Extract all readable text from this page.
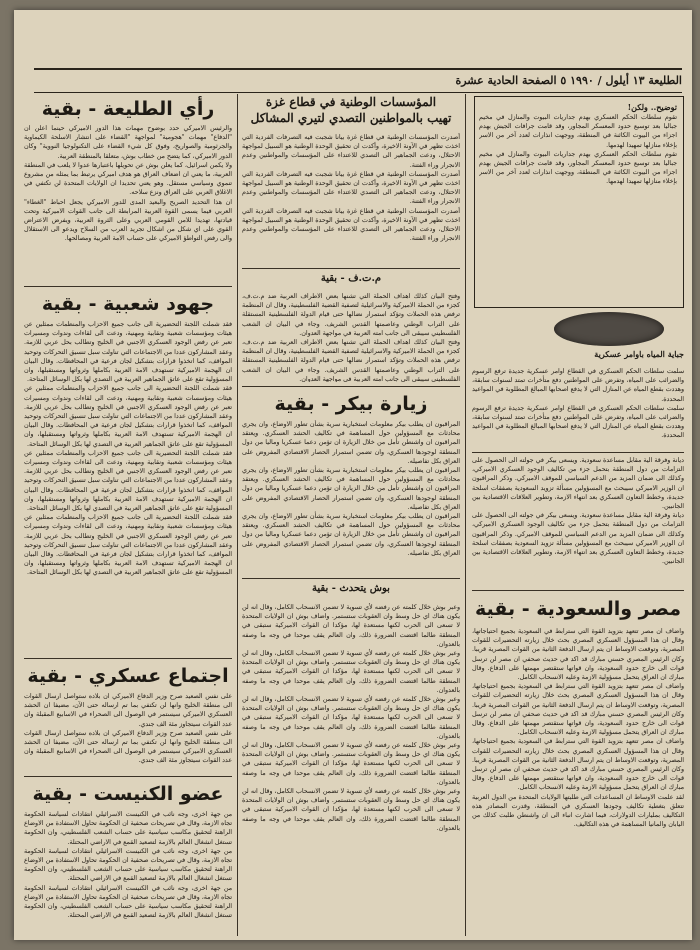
الطليعة ١٣ أيلول / ١٩٩٠ ٥ الصفحة الحادية عشرة
رأي الطليعة - بقية
والرئيس الاميركي حدد بوضوح مهمات هذا الدور الاميركي حينما اعلن ان "الدفاع" مهمات "هجومية" لمواجهة "القضاء على انتشار الاسلحة الكيماوية والجرثومية والصواريخ، وفوق كل شيء القضاء على التكنولوجيا النووية" وكان الدور الاميركي، كما يتضح من خطاب بوش، متعلقا بالمنطقة العربية.
ولا يكمن اسرائيل، كما يعلن بوش عن تحويلها باعتبارها عدوا لا يلعب في المنطقة العربية، ما يعني ان اضعاف العراق هو هدف اميركي يرتبط بما يمثله من مشروع تنموي وسياسي مستقل. وهو يعني تحديدا ان الولايات المتحدة لن تكتفي في الاغلاق العربي على العراق ونزع سلاحه.
ان هذا التحديد الصريح والبعيد المدى للدور الاميركي يجعل احباط "الغطاء" العربي فيما يسمى القوة العربية المرابطة الى جانب القوات الاميركية وتحت قيادتها، تهديدا للامن القومي العربي وعلى الثروة العربية، ويفرض الاعتراض القوي على اي شكل من اشكال تجريد العرب من السلاح ويدعو الى الاستقلال والى رفض التواطؤ الاميركي على حساب الامة العربية ومصالحها.
جهود شعبية - بقية
فقد شملت اللجنة التحضيرية الى جانب جميع الاحزاب والمنظمات ممثلين عن هيئات ومؤسسات شعبية ونقابية ومهنية، ودعت الى لقاءات وندوات ومسيرات تعبر عن رفض الوجود العسكري الاجنبي في الخليج وتطالب بحل عربي للازمة. وعقد المشاركون عددا من الاجتماعات التي تناولت سبل تنسيق التحركات وتوحيد المواقف، كما اتخذوا قرارات بتشكيل لجان فرعية في المحافظات. وقال البيان ان الهجمة الاميركية تستهدف الامة العربية بكاملها وثرواتها ومستقبلها، وان المسؤولية تقع على عاتق الجماهير العربية في التصدي لها بكل الوسائل المتاحة.
فقد شملت اللجنة التحضيرية الى جانب جميع الاحزاب والمنظمات ممثلين عن هيئات ومؤسسات شعبية ونقابية ومهنية، ودعت الى لقاءات وندوات ومسيرات تعبر عن رفض الوجود العسكري الاجنبي في الخليج وتطالب بحل عربي للازمة. وعقد المشاركون عددا من الاجتماعات التي تناولت سبل تنسيق التحركات وتوحيد المواقف، كما اتخذوا قرارات بتشكيل لجان فرعية في المحافظات. وقال البيان ان الهجمة الاميركية تستهدف الامة العربية بكاملها وثرواتها ومستقبلها، وان المسؤولية تقع على عاتق الجماهير العربية في التصدي لها بكل الوسائل المتاحة.
فقد شملت اللجنة التحضيرية الى جانب جميع الاحزاب والمنظمات ممثلين عن هيئات ومؤسسات شعبية ونقابية ومهنية، ودعت الى لقاءات وندوات ومسيرات تعبر عن رفض الوجود العسكري الاجنبي في الخليج وتطالب بحل عربي للازمة. وعقد المشاركون عددا من الاجتماعات التي تناولت سبل تنسيق التحركات وتوحيد المواقف، كما اتخذوا قرارات بتشكيل لجان فرعية في المحافظات. وقال البيان ان الهجمة الاميركية تستهدف الامة العربية بكاملها وثرواتها ومستقبلها، وان المسؤولية تقع على عاتق الجماهير العربية في التصدي لها بكل الوسائل المتاحة.
فقد شملت اللجنة التحضيرية الى جانب جميع الاحزاب والمنظمات ممثلين عن هيئات ومؤسسات شعبية ونقابية ومهنية، ودعت الى لقاءات وندوات ومسيرات تعبر عن رفض الوجود العسكري الاجنبي في الخليج وتطالب بحل عربي للازمة. وعقد المشاركون عددا من الاجتماعات التي تناولت سبل تنسيق التحركات وتوحيد المواقف، كما اتخذوا قرارات بتشكيل لجان فرعية في المحافظات. وقال البيان ان الهجمة الاميركية تستهدف الامة العربية بكاملها وثرواتها ومستقبلها، وان المسؤولية تقع على عاتق الجماهير العربية في التصدي لها بكل الوسائل المتاحة.
اجتماع عسكري - بقية
على نفس الصعيد صرح وزير الدفاع الاميركي ان بلاده ستواصل ارسال القوات الى منطقة الخليج وانها لن تكتفي بما تم ارساله حتى الآن، مضيفا ان الحشد العسكري الاميركي سيستمر في الوصول الى الصحراء في الاسابيع المقبلة وان عدد القوات سيتجاوز مئة الف جندي.
على نفس الصعيد صرح وزير الدفاع الاميركي ان بلاده ستواصل ارسال القوات الى منطقة الخليج وانها لن تكتفي بما تم ارساله حتى الآن، مضيفا ان الحشد العسكري الاميركي سيستمر في الوصول الى الصحراء في الاسابيع المقبلة وان عدد القوات سيتجاوز مئة الف جندي.
عضو الكنيست - بقية
من جهة اخرى، وجه نائب في الكنيست الاسرائيلي انتقادات لسياسة الحكومة تجاه الازمة، وقال في تصريحات صحفية ان الحكومة تحاول الاستفادة من الاوضاع الراهنة لتحقيق مكاسب سياسية على حساب الشعب الفلسطيني، وان الحكومة تستغل انشغال العالم بالازمة لتصعيد القمع في الاراضي المحتلة.
من جهة اخرى، وجه نائب في الكنيست الاسرائيلي انتقادات لسياسة الحكومة تجاه الازمة، وقال في تصريحات صحفية ان الحكومة تحاول الاستفادة من الاوضاع الراهنة لتحقيق مكاسب سياسية على حساب الشعب الفلسطيني، وان الحكومة تستغل انشغال العالم بالازمة لتصعيد القمع في الاراضي المحتلة.
من جهة اخرى، وجه نائب في الكنيست الاسرائيلي انتقادات لسياسة الحكومة تجاه الازمة، وقال في تصريحات صحفية ان الحكومة تحاول الاستفادة من الاوضاع الراهنة لتحقيق مكاسب سياسية على حساب الشعب الفلسطيني، وان الحكومة تستغل انشغال العالم بالازمة لتصعيد القمع في الاراضي المحتلة.
المؤسسات الوطنية في قطاع غزة
تهيب بالمواطنين التصدي لتيري المشاكل
أصدرت المؤسسات الوطنية في قطاع غزة بيانا شجبت فيه التصرفات الفردية التي اخذت تظهر في الآونة الاخيرة، وأكدت ان تحقيق الوحدة الوطنية هو السبيل لمواجهة الاحتلال، ودعت الجماهير الى التصدي للاعتداء على المؤسسات والمواطنين وعدم الانجرار وراء الفتنة.
أصدرت المؤسسات الوطنية في قطاع غزة بيانا شجبت فيه التصرفات الفردية التي اخذت تظهر في الآونة الاخيرة، وأكدت ان تحقيق الوحدة الوطنية هو السبيل لمواجهة الاحتلال، ودعت الجماهير الى التصدي للاعتداء على المؤسسات والمواطنين وعدم الانجرار وراء الفتنة.
أصدرت المؤسسات الوطنية في قطاع غزة بيانا شجبت فيه التصرفات الفردية التي اخذت تظهر في الآونة الاخيرة، وأكدت ان تحقيق الوحدة الوطنية هو السبيل لمواجهة الاحتلال، ودعت الجماهير الى التصدي للاعتداء على المؤسسات والمواطنين وعدم الانجرار وراء الفتنة.
م.ت.ف - بقية
وفتح البيان كذلك اهداف الحملة التي تشنها بعض الاطراف العربية ضد م.ت.ف، كجزء من الحملة الاميركية والاسرائيلية لتصفية القضية الفلسطينية، وقال ان المنظمة ترفض هذه الحملات وتؤكد استمرار نضالها حتى قيام الدولة الفلسطينية المستقلة على التراب الوطني وعاصمتها القدس الشريف. وجاء في البيان ان الشعب الفلسطيني سيبقى الى جانب امته العربية في مواجهة العدوان.
وفتح البيان كذلك اهداف الحملة التي تشنها بعض الاطراف العربية ضد م.ت.ف، كجزء من الحملة الاميركية والاسرائيلية لتصفية القضية الفلسطينية، وقال ان المنظمة ترفض هذه الحملات وتؤكد استمرار نضالها حتى قيام الدولة الفلسطينية المستقلة على التراب الوطني وعاصمتها القدس الشريف. وجاء في البيان ان الشعب الفلسطيني سيبقى الى جانب امته العربية في مواجهة العدوان.
زيارة بيكر - بقية
المراقبون ان يطلب بيكر معلومات استخبارية سرية بشأن تطور الاوضاع، وان يجري محادثات مع المسؤولين حول المساهمة في تكاليف الحشد العسكري. ويعتقد المراقبون ان واشنطن تأمل من خلال الزيارة ان تؤمن دعما عسكريا وماليا من دول المنطقة لوجودها العسكري، وان تضمن استمرار الحصار الاقتصادي المفروض على العراق بكل تفاصيله.
المراقبون ان يطلب بيكر معلومات استخبارية سرية بشأن تطور الاوضاع، وان يجري محادثات مع المسؤولين حول المساهمة في تكاليف الحشد العسكري. ويعتقد المراقبون ان واشنطن تأمل من خلال الزيارة ان تؤمن دعما عسكريا وماليا من دول المنطقة لوجودها العسكري، وان تضمن استمرار الحصار الاقتصادي المفروض على العراق بكل تفاصيله.
المراقبون ان يطلب بيكر معلومات استخبارية سرية بشأن تطور الاوضاع، وان يجري محادثات مع المسؤولين حول المساهمة في تكاليف الحشد العسكري. ويعتقد المراقبون ان واشنطن تأمل من خلال الزيارة ان تؤمن دعما عسكريا وماليا من دول المنطقة لوجودها العسكري، وان تضمن استمرار الحصار الاقتصادي المفروض على العراق بكل تفاصيله.
بوش يتحدث - بقية
وعبر بوش خلال كلمته عن رفضه لأي تسوية لا تضمن الانسحاب الكامل، وقال انه لن يكون هناك اي حل وسط وان العقوبات ستستمر. واضاف بوش ان الولايات المتحدة لا تسعى الى الحرب لكنها مستعدة لها، مؤكدا ان القوات الاميركية ستبقى في المنطقة طالما اقتضت الضرورة ذلك، وان العالم يقف موحدا في وجه ما وصفه بالعدوان.
وعبر بوش خلال كلمته عن رفضه لأي تسوية لا تضمن الانسحاب الكامل، وقال انه لن يكون هناك اي حل وسط وان العقوبات ستستمر. واضاف بوش ان الولايات المتحدة لا تسعى الى الحرب لكنها مستعدة لها، مؤكدا ان القوات الاميركية ستبقى في المنطقة طالما اقتضت الضرورة ذلك، وان العالم يقف موحدا في وجه ما وصفه بالعدوان.
وعبر بوش خلال كلمته عن رفضه لأي تسوية لا تضمن الانسحاب الكامل، وقال انه لن يكون هناك اي حل وسط وان العقوبات ستستمر. واضاف بوش ان الولايات المتحدة لا تسعى الى الحرب لكنها مستعدة لها، مؤكدا ان القوات الاميركية ستبقى في المنطقة طالما اقتضت الضرورة ذلك، وان العالم يقف موحدا في وجه ما وصفه بالعدوان.
وعبر بوش خلال كلمته عن رفضه لأي تسوية لا تضمن الانسحاب الكامل، وقال انه لن يكون هناك اي حل وسط وان العقوبات ستستمر. واضاف بوش ان الولايات المتحدة لا تسعى الى الحرب لكنها مستعدة لها، مؤكدا ان القوات الاميركية ستبقى في المنطقة طالما اقتضت الضرورة ذلك، وان العالم يقف موحدا في وجه ما وصفه بالعدوان.
وعبر بوش خلال كلمته عن رفضه لأي تسوية لا تضمن الانسحاب الكامل، وقال انه لن يكون هناك اي حل وسط وان العقوبات ستستمر. واضاف بوش ان الولايات المتحدة لا تسعى الى الحرب لكنها مستعدة لها، مؤكدا ان القوات الاميركية ستبقى في المنطقة طالما اقتضت الضرورة ذلك، وان العالم يقف موحدا في وجه ما وصفه بالعدوان.
توضيح.. ولكن!
تقوم سلطات الحكم العسكري بهدم جداريات البيوت والمنازل في مخيم جباليا بعد توسيع حدود المعسكر المجاور، وقد قامت جرافات الجيش بهدم اجزاء من البيوت الكائنة في المنطقة، ووجهت انذارات لعدد آخر من الاسر بإخلاء منازلها تمهيدا لهدمها.
تقوم سلطات الحكم العسكري بهدم جداريات البيوت والمنازل في مخيم جباليا بعد توسيع حدود المعسكر المجاور، وقد قامت جرافات الجيش بهدم اجزاء من البيوت الكائنة في المنطقة، ووجهت انذارات لعدد آخر من الاسر بإخلاء منازلها تمهيدا لهدمها.
جباية المياه باوامر عسكرية
سلمت سلطات الحكم العسكري في القطاع اوامر عسكرية جديدة ترفع الرسوم والضرائب على المياه، وتفرض على المواطنين دفع متأخرات تمتد لسنوات سابقة، وهددت بقطع المياه عن المنازل التي لا يدفع اصحابها المبالغ المطلوبة في المواعيد المحددة.
سلمت سلطات الحكم العسكري في القطاع اوامر عسكرية جديدة ترفع الرسوم والضرائب على المياه، وتفرض على المواطنين دفع متأخرات تمتد لسنوات سابقة، وهددت بقطع المياه عن المنازل التي لا يدفع اصحابها المبالغ المطلوبة في المواعيد المحددة.
ديانة وفرقة الية مقابل مساعدة سعودية. ويسعى بيكر في جولته الى الحصول على التزامات من دول المنطقة بتحمل جزء من تكاليف الوجود العسكري الاميركي، وكذلك الى ضمان المزيد من الدعم السياسي للموقف الاميركي. وذكر المراقبون ان الوزير الاميركي سيبحث مع المسؤولين مسألة تزويد السعودية بصفقات اسلحة جديدة، وخطط التعاون العسكري بعد انتهاء الازمة، وتطوير العلاقات الاقتصادية بين الجانبين.
ديانة وفرقة الية مقابل مساعدة سعودية. ويسعى بيكر في جولته الى الحصول على التزامات من دول المنطقة بتحمل جزء من تكاليف الوجود العسكري الاميركي، وكذلك الى ضمان المزيد من الدعم السياسي للموقف الاميركي. وذكر المراقبون ان الوزير الاميركي سيبحث مع المسؤولين مسألة تزويد السعودية بصفقات اسلحة جديدة، وخطط التعاون العسكري بعد انتهاء الازمة، وتطوير العلاقات الاقتصادية بين الجانبين.
مصر والسعودية - بقية
واضاف ان مصر تتعهد بتزويد القوة التي سترابط في السعودية بجميع احتياجاتها، وقال ان هذا المسؤول العسكري المصري بحث خلال زيارته التحضيرات للقوات المصرية، وتوقعت الاوساط ان يتم ارسال الدفعة الثانية من القوات المصرية قريبا. وكان الرئيس المصري حسني مبارك قد اكد في حديث صحفي ان مصر لن ترسل قوات الى خارج حدود السعودية، وان قواتها ستقتصر مهمتها على الدفاع. وقال مبارك ان العراق يتحمل مسؤولية الازمة وعليه الانسحاب الكامل.
واضاف ان مصر تتعهد بتزويد القوة التي سترابط في السعودية بجميع احتياجاتها، وقال ان هذا المسؤول العسكري المصري بحث خلال زيارته التحضيرات للقوات المصرية، وتوقعت الاوساط ان يتم ارسال الدفعة الثانية من القوات المصرية قريبا. وكان الرئيس المصري حسني مبارك قد اكد في حديث صحفي ان مصر لن ترسل قوات الى خارج حدود السعودية، وان قواتها ستقتصر مهمتها على الدفاع. وقال مبارك ان العراق يتحمل مسؤولية الازمة وعليه الانسحاب الكامل.
واضاف ان مصر تتعهد بتزويد القوة التي سترابط في السعودية بجميع احتياجاتها، وقال ان هذا المسؤول العسكري المصري بحث خلال زيارته التحضيرات للقوات المصرية، وتوقعت الاوساط ان يتم ارسال الدفعة الثانية من القوات المصرية قريبا. وكان الرئيس المصري حسني مبارك قد اكد في حديث صحفي ان مصر لن ترسل قوات الى خارج حدود السعودية، وان قواتها ستقتصر مهمتها على الدفاع. وقال مبارك ان العراق يتحمل مسؤولية الازمة وعليه الانسحاب الكامل.
لقد علمت الاوساط ان المساعدات التي طلبتها الولايات المتحدة من الدول العربية تتعلق بتغطية تكاليف وجودها العسكري في المنطقة، وقدرت المصادر هذه التكاليف بمليارات الدولارات، فيما اشارت انباء الى ان واشنطن طلبت كذلك من اليابان والمانيا المساهمة في هذه التكاليف.
